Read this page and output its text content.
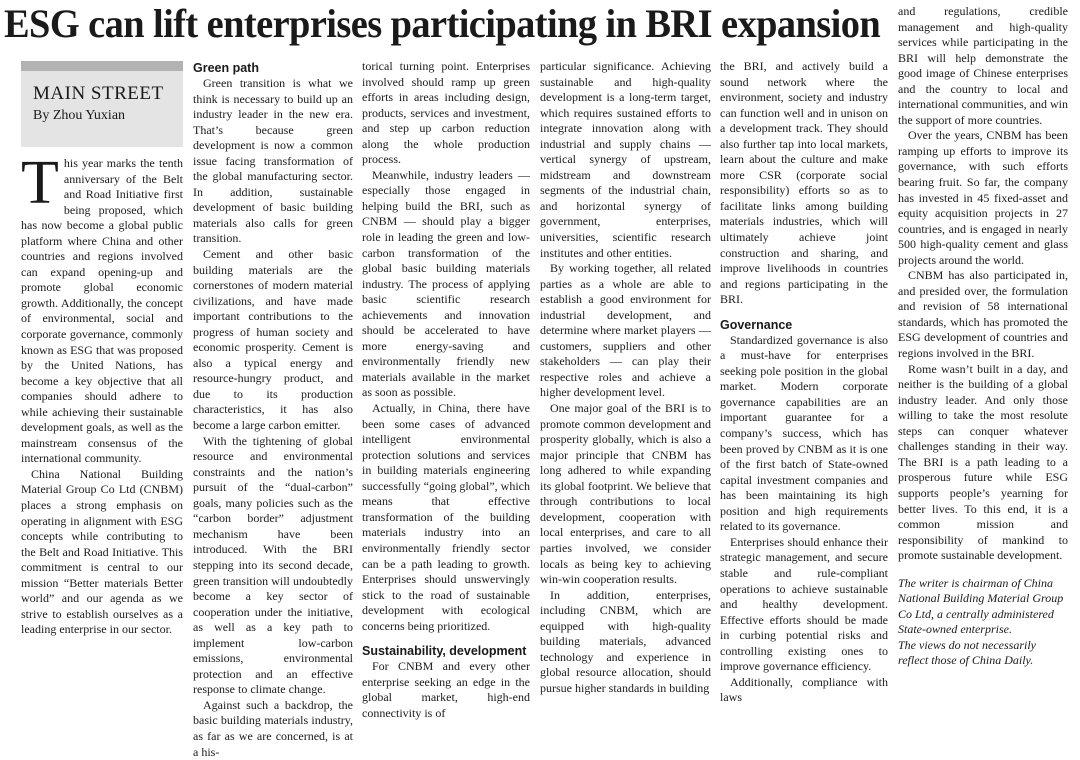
ESG can lift enterprises participating in BRI expansion
MAIN STREET
By Zhou Yuxian

This year marks the tenth anniversary of the Belt and Road Initiative first being proposed, which has now become a global public platform where China and other countries and regions involved can expand opening-up and promote global economic growth. Additionally, the concept of environmental, social and corporate governance, commonly known as ESG that was proposed by the United Nations, has become a key objective that all companies should adhere to while achieving their sustainable development goals, as well as the mainstream consensus of the international community.

China National Building Material Group Co Ltd (CNBM) places a strong emphasis on operating in alignment with ESG concepts while contributing to the Belt and Road Initiative. This commitment is central to our mission “Better materials Better world” and our agenda as we strive to establish ourselves as a leading enterprise in our sector.

Green path

Green transition is what we think is necessary to build up an industry leader in the new era. That’s because green development is now a common issue facing transformation of the global manufacturing sector. In addition, sustainable development of basic building materials also calls for green transition.

Cement and other basic building materials are the cornerstones of modern material civilizations, and have made important contributions to the progress of human society and economic prosperity. Cement is also a typical energy and resource-hungry product, and due to its production characteristics, it has also become a large carbon emitter.

With the tightening of global resource and environmental constraints and the nation’s pursuit of the “dual-carbon” goals, many policies such as the “carbon border” adjustment mechanism have been introduced. With the BRI stepping into its second decade, green transition will undoubtedly become a key sector of cooperation under the initiative, as well as a key path to implement low-carbon emissions, environmental protection and an effective response to climate change.

Against such a backdrop, the basic building materials industry, as far as we are concerned, is at a his-

torical turning point. Enterprises involved should ramp up green efforts in areas including design, products, services and investment, and step up carbon reduction along the whole production process.

Meanwhile, industry leaders — especially those engaged in helping build the BRI, such as CNBM — should play a bigger role in leading the green and low-carbon transformation of the global basic building materials industry. The process of applying basic scientific research achievements and innovation should be accelerated to have more energy-saving and environmentally friendly new materials available in the market as soon as possible.

Actually, in China, there have been some cases of advanced intelligent environmental protection solutions and services in building materials engineering successfully “going global”, which means that effective transformation of the building materials industry into an environmentally friendly sector can be a path leading to growth. Enterprises should unswervingly stick to the road of sustainable development with ecological concerns being prioritized.

Sustainability, development

For CNBM and every other enterprise seeking an edge in the global market, high-end connectivity is of

particular significance. Achieving sustainable and high-quality development is a long-term target, which requires sustained efforts to integrate innovation along with industrial and supply chains — vertical synergy of upstream, midstream and downstream segments of the industrial chain, and horizontal synergy of government, enterprises, universities, scientific research institutes and other entities.

By working together, all related parties as a whole are able to establish a good environment for industrial development, and determine where market players — customers, suppliers and other stakeholders — can play their respective roles and achieve a higher development level.

One major goal of the BRI is to promote common development and prosperity globally, which is also a major principle that CNBM has long adhered to while expanding its global footprint. We believe that through contributions to local development, cooperation with local enterprises, and care to all parties involved, we consider locals as being key to achieving win-win cooperation results.

In addition, enterprises, including CNBM, which are equipped with high-quality building materials, advanced technology and experience in global resource allocation, should pursue higher standards in building

the BRI, and actively build a sound network where the environment, society and industry can function well and in unison on a development track. They should also further tap into local markets, learn about the culture and make more CSR (corporate social responsibility) efforts so as to facilitate links among building materials industries, which will ultimately achieve joint construction and sharing, and improve livelihoods in countries and regions participating in the BRI.

Governance

Standardized governance is also a must-have for enterprises seeking pole position in the global market. Modern corporate governance capabilities are an important guarantee for a company’s success, which has been proved by CNBM as it is one of the first batch of State-owned capital investment companies and has been maintaining its high position and high requirements related to its governance.

Enterprises should enhance their strategic management, and secure stable and rule-compliant operations to achieve sustainable and healthy development. Effective efforts should be made in curbing potential risks and controlling existing ones to improve governance efficiency.

Additionally, compliance with laws

and regulations, credible management and high-quality services while participating in the BRI will help demonstrate the good image of Chinese enterprises and the country to local and international communities, and win the support of more countries.

Over the years, CNBM has been ramping up efforts to improve its governance, with such efforts bearing fruit. So far, the company has invested in 45 fixed-asset and equity acquisition projects in 27 countries, and is engaged in nearly 500 high-quality cement and glass projects around the world.

CNBM has also participated in, and presided over, the formulation and revision of 58 international standards, which has promoted the ESG development of countries and regions involved in the BRI.

Rome wasn’t built in a day, and neither is the building of a global industry leader. And only those willing to take the most resolute steps can conquer whatever challenges standing in their way. The BRI is a path leading to a prosperous future while ESG supports people’s yearning for better lives. To this end, it is a common mission and responsibility of mankind to promote sustainable development.

The writer is chairman of China National Building Material Group Co Ltd, a centrally administered State-owned enterprise.

The views do not necessarily reflect those of China Daily.
